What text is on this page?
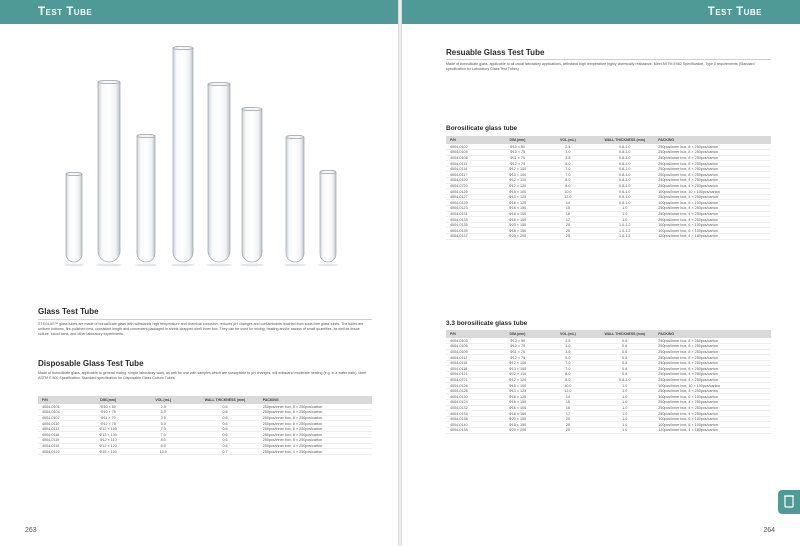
Test Tube
Glass Test Tube
STEGLAS™ glass tubes are made of borosilicate glass with withstands high temperature and chemical corrosion, reduces pH changes and contaminants leached from soda lime glass tubes. The tubes are uniform bottoms, fire-polished rims, consistent length and convenient packaged in shrink-wrapped shell inner box. They can be used for mixing, heating and/or assays of small quantities, as well as tissue culture, blood bank, and other laboratory experiments.
Disposable Glass Test Tube
Made of borosilicate glass, applicable to general mixing, simple laboratory work, as well for use with samples which are susceptible to pH changes, will withstand moderate heating (e.g. in a water bath). Meet ASTM E 800 Specification, Standard specification for Disposable Glass Culture Tubes
P/N	DIM.(mm)	VOL.(mL)	WALL THICKNESS (mm)	PACKING
4004-0101	Φ10 × 50	2.5	0.6	250pcs/inner box, 8 × 250pcs/carton
4004-0104	Φ10 × 75	3.0	0.6	250pcs/inner box, 8 × 250pcs/carton
4004-0107	Φ11 × 70	3.5	0.6	250pcs/inner box, 8 × 250pcs/carton
4004-0110	Φ12 × 75	5.0	0.6	250pcs/inner box, 8 × 250pcs/carton
4004-0112	Φ12 × 100	7.0	0.6	250pcs/inner box, 8 × 250pcs/carton
4004-0116	Φ13 × 100	7.0	0.6	250pcs/inner box, 8 × 250pcs/carton
4004-0119	Φ12 × 110	8.0	0.6	250pcs/inner box, 8 × 250pcs/carton
4004-0119	Φ12 × 120	8.0	0.6	250pcs/inner box, 4 × 250pcs/carton
4004-0122	Φ15 × 100	10.0	0.7	250pcs/inner box, 4 × 250pcs/carton
263
Test Tube
Resuable Glass Test Tube
Made of borosilicate glass, applicable to all usual laboratory applications, withstand high temperature highly chemically resistance. Meet ASTM E982 Specification, Type Ⅱ requirements (Standard specification for Laboratory Glass Test Tubes)
Borosilicate glass tube
P/N	DIM.(mm)	VOL.(mL)	WALL THICKNESS (mm)	PACKING
4004-0102	Φ10 × 50	2.5	0.8-1.0	250pcs/inner box, 8 × 250pcs/carton
4004-0105	Φ10 × 75	3.0	0.8-1.0	250pcs/inner box, 8 × 250pcs/carton
4004-0108	Φ11 × 70	3.5	0.8-1.0	250pcs/inner box, 8 × 250pcs/carton
4004-0111	Φ12 × 75	5.0	0.8-1.0	250pcs/inner box, 8 × 250pcs/carton
4004-0114	Φ12 × 100	7.0	0.8-1.0	250pcs/inner box, 8 × 250pcs/carton
4004-0117	Φ13 × 100	7.0	0.8-1.0	250pcs/inner box, 8 × 250pcs/carton
4004-0120	Φ12 × 110	8.0	0.8-1.0	250pcs/inner box, 4 × 250pcs/carton
4004-0720	Φ12 × 120	8.0	0.8-1.0	250pcs/inner box, 4 × 250pcs/carton
4004-0125	Φ15 × 100	10.0	0.8-1.0	100pcs/inner box, 10 × 100pcs/carton
4004-0127	Φ13 × 125	12.0	0.8-1.0	250pcs/inner box, 4 × 250pcs/carton
4004-0129	Φ16 × 125	14	0.8-1.0	100pcs/inner box, 6 × 100pcs/carton
4004-0123	Φ16 × 150	15	1.0	250pcs/inner box, 4 × 250pcs/carton
4004-0131	Φ16 × 100	16	1.0	250pcs/inner box, 4 × 250pcs/carton
4004-0133	Φ16 × 160	17	1.0	250pcs/inner box, 4 × 250pcs/carton
4004-0135	Φ20 × 150	20	1.0-1.2	100pcs/inner box, 6 × 100pcs/carton
4004-0139	Φ18 × 150	25	1.0-1.2	100pcs/inner box, 6 × 100pcs/carton
4004-0137	Φ20 × 200	25	1.0-1.2	120pcs/inner box, 4 × 180pcs/carton
3.3 borosilicate glass tube
P/N	DIM.(mm)	VOL.(mL)	WALL THICKNESS (mm)	PACKING
4004-0103	Φ10 × 50	2.5	0.6	250pcs/inner box, 8 × 250pcs/carton
4004-0106	Φ10 × 75	3.0	0.6	250pcs/inner box, 8 × 250pcs/carton
4004-0109	Φ11 × 70	3.5	0.6	250pcs/inner box, 8 × 250pcs/carton
4004-0112	Φ12 × 75	5.0	0.8	250pcs/inner box, 8 × 250pcs/carton
4004-0115	Φ12 × 100	7.0	0.8	250pcs/inner box, 8 × 250pcs/carton
4004-0118	Φ13 × 100	7.0	0.8	250pcs/inner box, 8 × 250pcs/carton
4004-0121	Φ12 × 110	8.0	0.8	250pcs/inner box, 4 × 250pcs/carton
4004-0721	Φ12 × 120	8.0	0.8-1.0	250pcs/inner box, 4 × 250pcs/carton
4004-0126	Φ15 × 100	10.0	1.0	100pcs/inner box, 10 × 100pcs/carton
4004-0128	Φ13 × 125	12.0	1.0	250pcs/inner box, 4 × 250pcs/carton
4004-0130	Φ16 × 125	14	1.0	100pcs/inner box, 6 × 100pcs/carton
4004-0124	Φ16 × 150	15	1.0	250pcs/inner box, 4 × 250pcs/carton
4004-0132	Φ16 × 100	16	1.0	250pcs/inner box, 4 × 250pcs/carton
4004-0134	Φ16 × 160	17	1.0	250pcs/inner box, 4 × 250pcs/carton
4004-0136	Φ20 × 150	20	1.0	100pcs/inner box, 6 × 100pcs/carton
4004-0140	Φ18 × 150	25	1.0	100pcs/inner box, 6 × 100pcs/carton
4004-0138	Φ20 × 200	25	1.0	120pcs/inner box, 4 × 180pcs/carton
264
